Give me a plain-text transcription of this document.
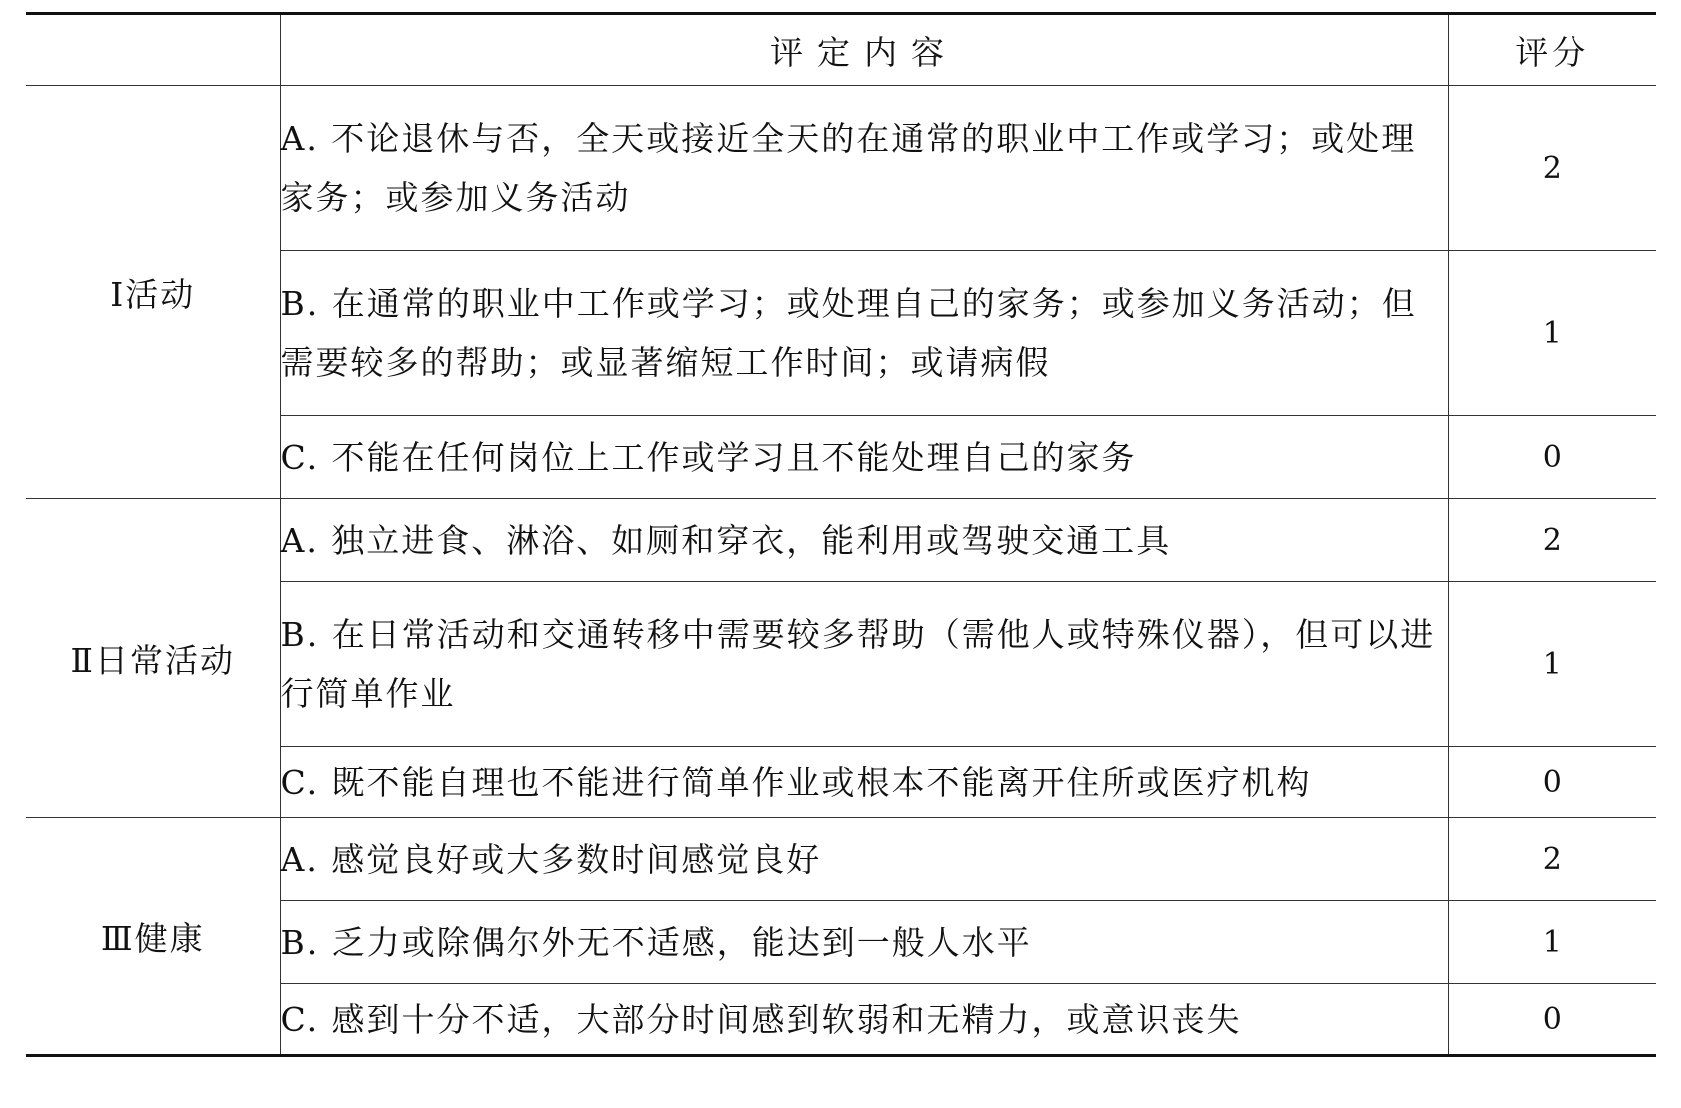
	评定内容	评分
Ⅰ活动	A. 不论退休与否，全天或接近全天的在通常的职业中工作或学习；或处理家务；或参加义务活动	2
	B. 在通常的职业中工作或学习；或处理自己的家务；或参加义务活动；但需要较多的帮助；或显著缩短工作时间；或请病假	1
	C. 不能在任何岗位上工作或学习且不能处理自己的家务	0
Ⅱ日常活动	A. 独立进食、淋浴、如厕和穿衣，能利用或驾驶交通工具	2
	B. 在日常活动和交通转移中需要较多帮助（需他人或特殊仪器），但可以进行简单作业	1
	C. 既不能自理也不能进行简单作业或根本不能离开住所或医疗机构	0
Ⅲ健康	A. 感觉良好或大多数时间感觉良好	2
	B. 乏力或除偶尔外无不适感，能达到一般人水平	1
	C. 感到十分不适，大部分时间感到软弱和无精力，或意识丧失	0
